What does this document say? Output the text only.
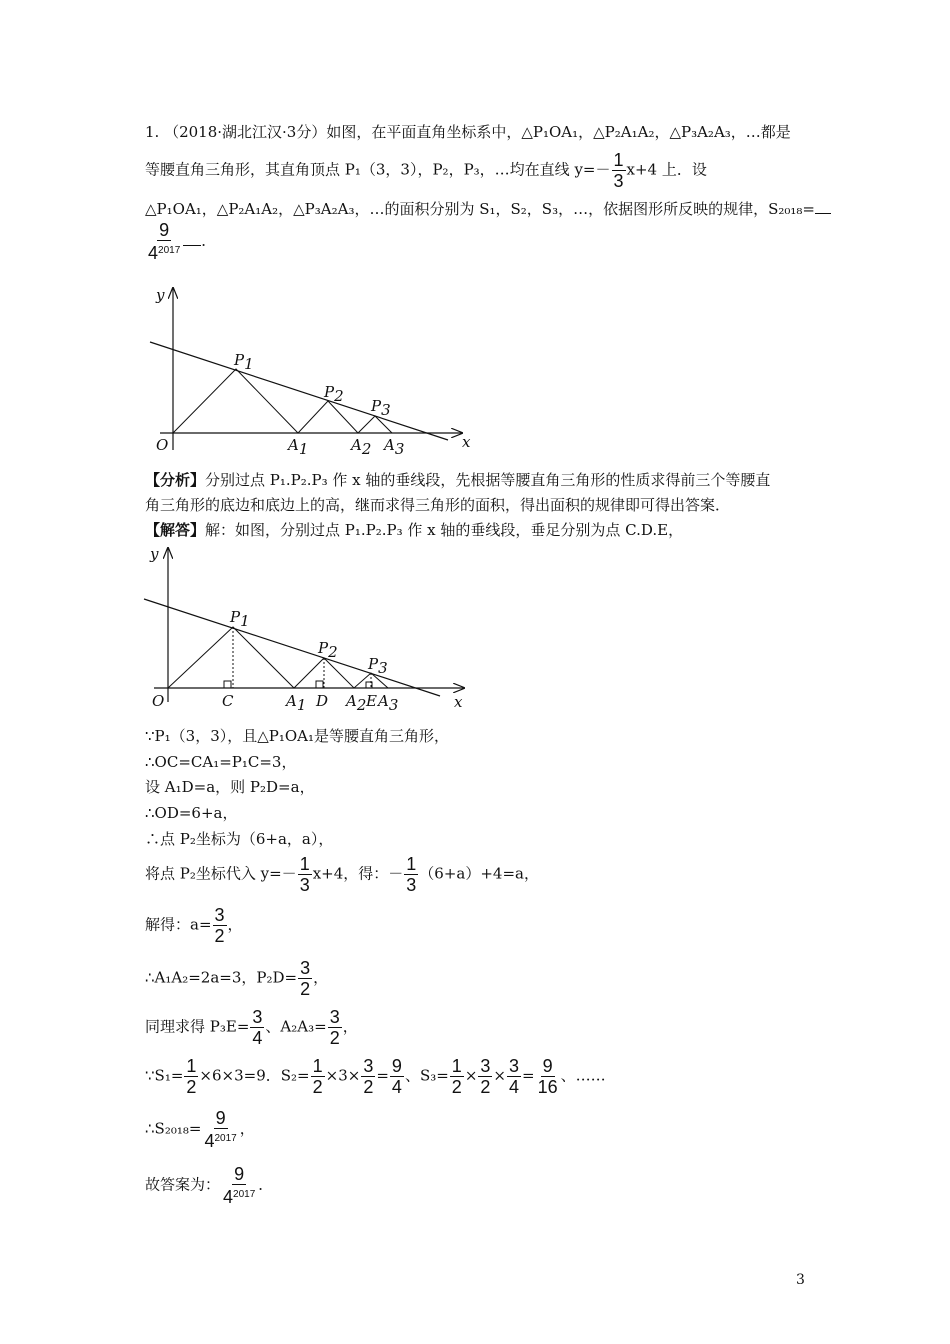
1. （2018·湖北江汉·3分）如图，在平面直角坐标系中，△P₁OA₁，△P₂A₁A₂，△P₃A₂A₃，…都是
等腰直角三角形，其直角顶点 P₁（3，3），P₂，P₃，…均在直线 $y=- \frac{1}{3} x+4$ 上．设
△P₁OA₁，△P₂A₁A₂，△P₃A₂A₃，…的面积分别为 S₁，S₂，S₃，…，依据图形所反映的规律，S₂₀₁₈=
$\frac{9}{4^{2017}}$ ．
y
x
O
P1
P2
P3
A1	A2 A3
【分析】分别过点 P₁.P₂.P₃ 作 x 轴的垂线段，先根据等腰直角三角形的性质求得前三个等腰直
角三角形的底边和底边上的高，继而求得三角形的面积，得出面积的规律即可得出答案．
【解答】解：如图，分别过点 P₁.P₂.P₃ 作 x 轴的垂线段，垂足分别为点 C.D.E，
y
x
O
P1
P2
P3
C	D	E
A1	A2 A3
∵P₁（3，3），且△P₁OA₁是等腰直角三角形，
∴OC=CA₁=P₁C=3，
设 A₁D=a，则 P₂D=a，
∴OD=6+a，
∴点 P₂坐标为（6+a，a），
将点 P₂坐标代入 $y=- \frac{1}{3} x+4$，得：－ $\frac{1}{3} (6+a)+4=a$，
解得：$a= \frac{3}{2}$ ，
∴A₁A₂=2a=3，$P_2D= \frac{3}{2}$ ，
同理求得 $P_3E= \frac{3}{4}$ 、$A_2A_3= \frac{3}{2}$ ，
∵S₁= $\frac{1}{2} \times 6\times 3=9$．$S_2= \frac{1}{2} \times 3\times \frac{3}{2} = \frac{9}{4}$ 、$S_3= \frac{1}{2} \times \frac{3}{2} \times \frac{3}{4} = \frac{9}{16}$ 、……
∴S₂₀₁₈= $\frac{9}{4^{2017}}$ ，
故答案为： $\frac{9}{4^{2017}}$ ．
3
